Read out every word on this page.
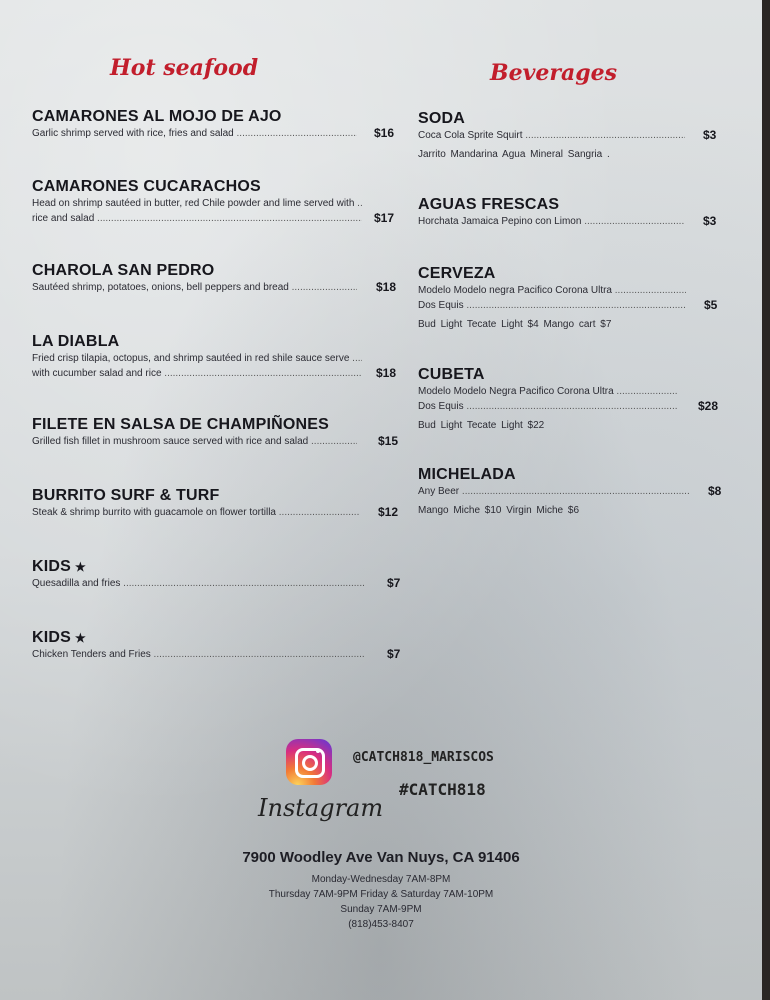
Hot seafood	Beverages
CAMARONES AL MOJO DE AJO
Garlic shrimp served with rice, fries and salad .....	$16
CAMARONES CUCARACHOS
Head on shrimp sautéed in butter, red Chile powder and lime served with .....
rice and salad .....	$17
CHAROLA SAN PEDRO
Sautéed shrimp, potatoes, onions, bell peppers and bread .....	$18
LA DIABLA
Fried crisp tilapia, octopus, and shrimp sautéed in red shile sauce serve .....
with cucumber salad and rice .....	$18
FILETE EN SALSA DE CHAMPIÑONES
Grilled fish fillet in mushroom sauce served with rice and salad .....	$15
BURRITO SURF & TURF
Steak & shrimp burrito with guacamole on flower tortilla .....	$12
KIDS ★
Quesadilla and fries .....	$7
KIDS ★
Chicken Tenders and Fries .....	$7
SODA
Coca Cola Sprite Squirt .....	$3
Jarrito Mandarina Agua Mineral Sangria .
AGUAS FRESCAS
Horchata Jamaica Pepino con Limon .....	$3
CERVEZA
Modelo Modelo negra Pacifico Corona Ultra .....
Dos Equis .....	$5
Bud Light Tecate Light $4 Mango cart $7
CUBETA
Modelo Modelo Negra Pacifico Corona Ultra .....
Dos Equis .....	$28
Bud Light Tecate Light $22
MICHELADA
Any Beer .....	$8
Mango Miche $10 Virgin Miche $6
Instagram
@CATCH818_MARISCOS
#CATCH818
7900 Woodley Ave Van Nuys, CA 91406
Monday-Wednesday 7AM-8PM
Thursday 7AM-9PM Friday & Saturday 7AM-10PM
Sunday 7AM-9PM
(818)453-8407
